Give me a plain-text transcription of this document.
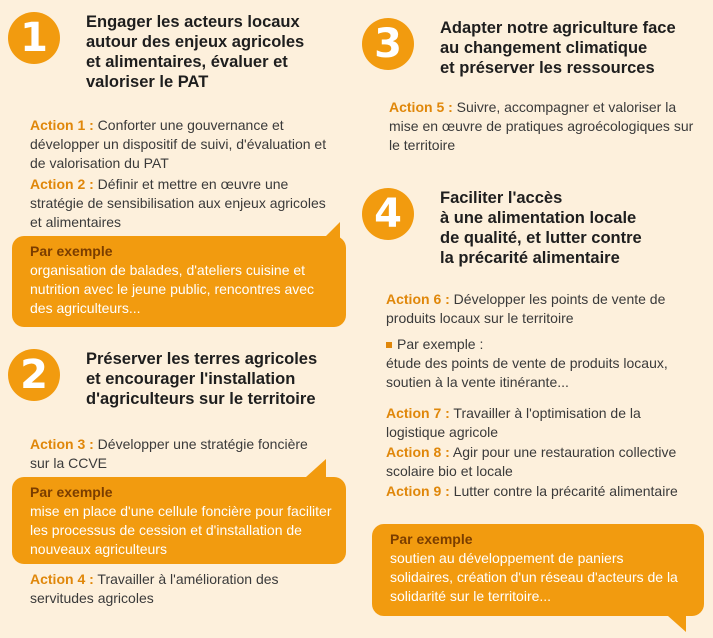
1	Engager les acteurs locaux
autour des enjeux agricoles
et alimentaires, évaluer et
valoriser le PAT
Action 1 : Conforter une gouvernance et développer un dispositif de suivi, d'évaluation et de valorisation du PAT
Action 2 : Définir et mettre en œuvre une stratégie de sensibilisation aux enjeux agricoles et alimentaires
Par exemple
organisation de balades, d'ateliers cuisine et nutrition avec le jeune public, rencontres avec des agriculteurs...
2	Préserver les terres agricoles
et encourager l'installation
d'agriculteurs sur le territoire
Action 3 : Développer une stratégie foncière sur la CCVE
Par exemple
mise en place d'une cellule foncière pour faciliter les processus de cession et d'installation de nouveaux agriculteurs
Action 4 : Travailler à l'amélioration des servitudes agricoles
3	Adapter notre agriculture face
au changement climatique
et préserver les ressources
Action 5 : Suivre, accompagner et valoriser la mise en œuvre de pratiques agroécologiques sur le territoire
4	Faciliter l'accès
à une alimentation locale
de qualité, et lutter contre
la précarité alimentaire
Action 6 : Développer les points de vente de produits locaux sur le territoire
Par exemple :
étude des points de vente de produits locaux, soutien à la vente itinérante...
Action 7 : Travailler à l'optimisation de la logistique agricole
Action 8 : Agir pour une restauration collective scolaire bio et locale
Action 9 : Lutter contre la précarité alimentaire
Par exemple
soutien au développement de paniers solidaires, création d'un réseau d'acteurs de la solidarité sur le territoire...
